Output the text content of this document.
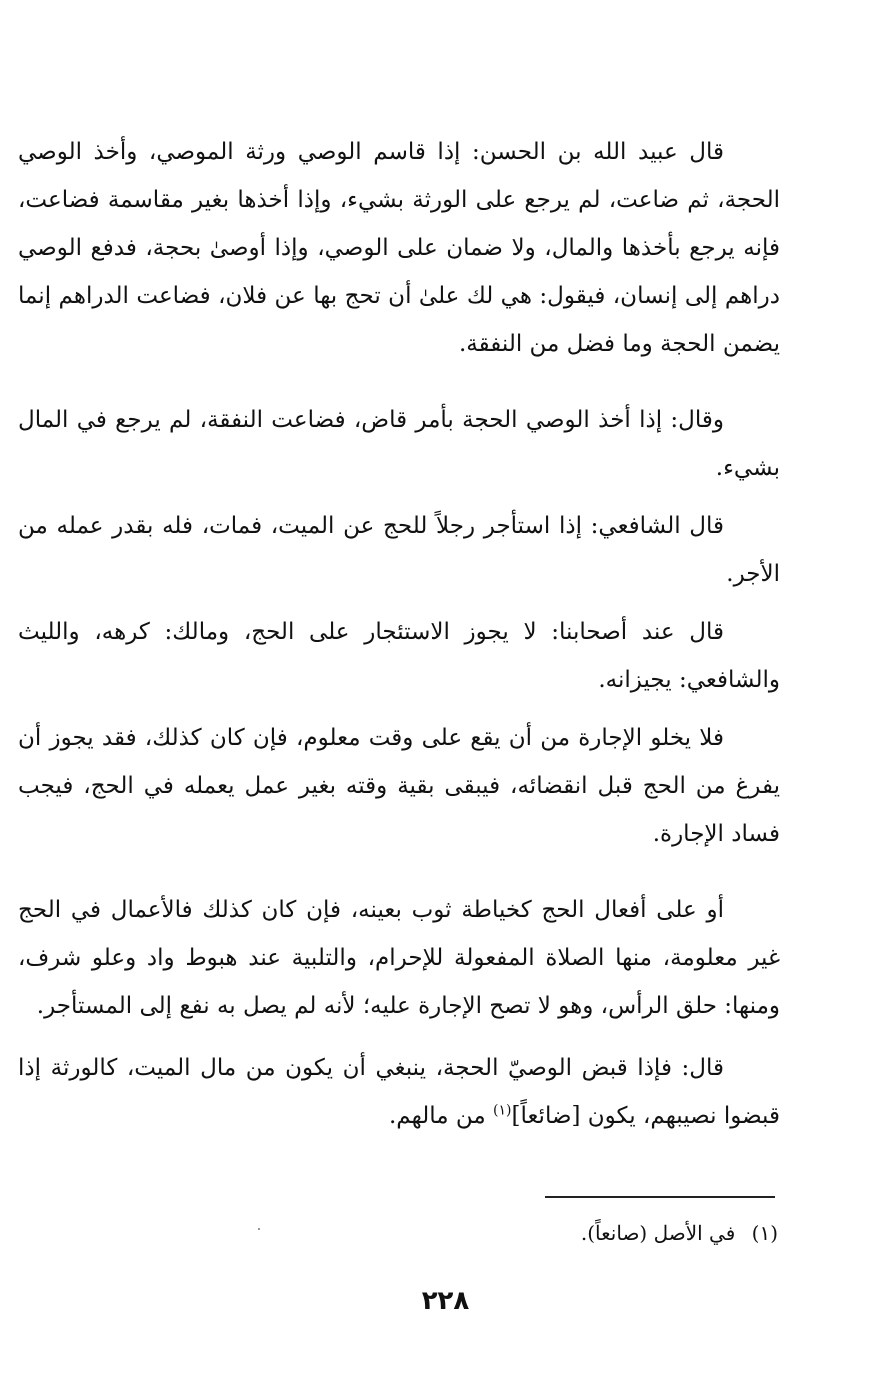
قال عبيد الله بن الحسن: إذا قاسم الوصي ورثة الموصي، وأخذ الوصي الحجة، ثم ضاعت، لم يرجع على الورثة بشيء، وإذا أخذها بغير مقاسمة فضاعت، فإنه يرجع بأخذها والمال، ولا ضمان على الوصي، وإذا أوصىٰ بحجة، فدفع الوصي دراهم إلى إنسان، فيقول: هي لك علىٰ أن تحج بها عن فلان، فضاعت الدراهم إنما يضمن الحجة وما فضل من النفقة.

وقال: إذا أخذ الوصي الحجة بأمر قاض، فضاعت النفقة، لم يرجع في المال بشيء.

قال الشافعي: إذا استأجر رجلاً للحج عن الميت، فمات، فله بقدر عمله من الأجر.

قال عند أصحابنا: لا يجوز الاستئجار على الحج، ومالك: كرهه، والليث والشافعي: يجيزانه.

فلا يخلو الإجارة من أن يقع على وقت معلوم، فإن كان كذلك، فقد يجوز أن يفرغ من الحج قبل انقضائه، فيبقى بقية وقته بغير عمل يعمله في الحج، فيجب فساد الإجارة.

أو على أفعال الحج كخياطة ثوب بعينه، فإن كان كذلك فالأعمال في الحج غير معلومة، منها الصلاة المفعولة للإحرام، والتلبية عند هبوط واد وعلو شرف، ومنها: حلق الرأس، وهو لا تصح الإجارة عليه؛ لأنه لم يصل به نفع إلى المستأجر.

قال: فإذا قبض الوصيّ الحجة، ينبغي أن يكون من مال الميت، كالورثة إذا قبضوا نصيبهم، يكون [ضائعاً]$^{(١)}$ من مالهم.

(١) في الأصل (صانعاً).
٢٢٨
